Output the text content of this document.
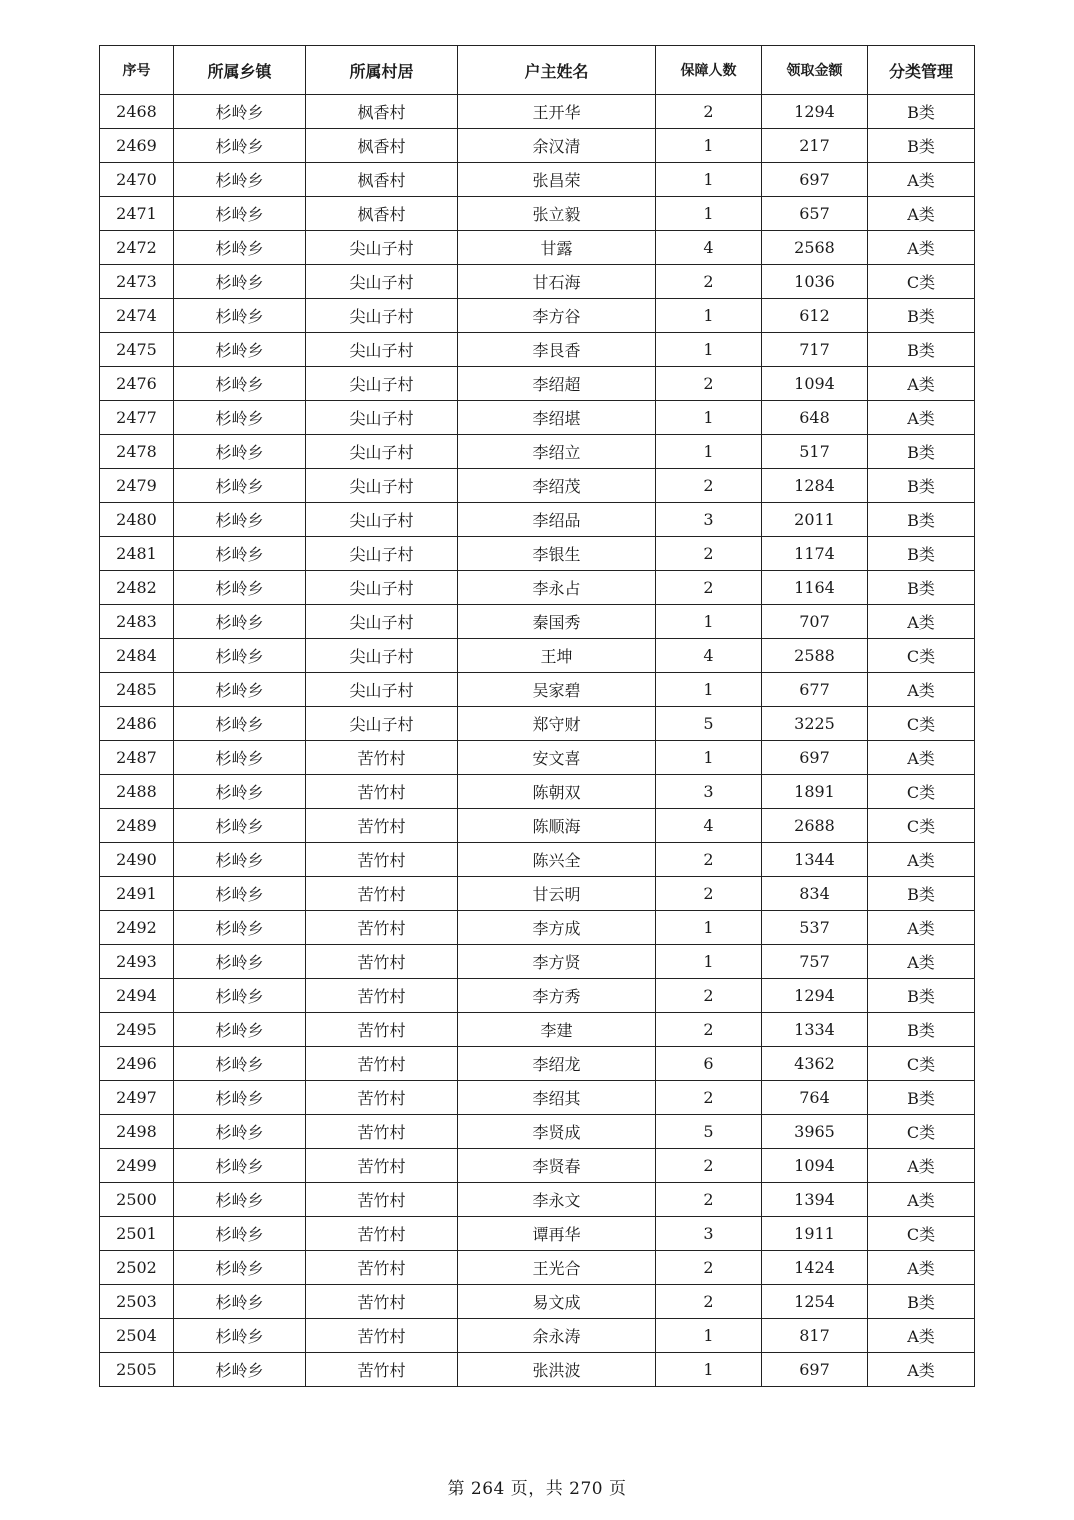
序号	所属乡镇	所属村居	户主姓名	保障人数	领取金额	分类管理
2468	杉岭乡	枫香村	王开华	2	1294	B类
2469	杉岭乡	枫香村	余汉清	1	217	B类
2470	杉岭乡	枫香村	张昌荣	1	697	A类
2471	杉岭乡	枫香村	张立毅	1	657	A类
2472	杉岭乡	尖山子村	甘露	4	2568	A类
2473	杉岭乡	尖山子村	甘石海	2	1036	C类
2474	杉岭乡	尖山子村	李方谷	1	612	B类
2475	杉岭乡	尖山子村	李艮香	1	717	B类
2476	杉岭乡	尖山子村	李绍超	2	1094	A类
2477	杉岭乡	尖山子村	李绍堪	1	648	A类
2478	杉岭乡	尖山子村	李绍立	1	517	B类
2479	杉岭乡	尖山子村	李绍茂	2	1284	B类
2480	杉岭乡	尖山子村	李绍品	3	2011	B类
2481	杉岭乡	尖山子村	李银生	2	1174	B类
2482	杉岭乡	尖山子村	李永占	2	1164	B类
2483	杉岭乡	尖山子村	秦国秀	1	707	A类
2484	杉岭乡	尖山子村	王坤	4	2588	C类
2485	杉岭乡	尖山子村	吴家碧	1	677	A类
2486	杉岭乡	尖山子村	郑守财	5	3225	C类
2487	杉岭乡	苦竹村	安文喜	1	697	A类
2488	杉岭乡	苦竹村	陈朝双	3	1891	C类
2489	杉岭乡	苦竹村	陈顺海	4	2688	C类
2490	杉岭乡	苦竹村	陈兴全	2	1344	A类
2491	杉岭乡	苦竹村	甘云明	2	834	B类
2492	杉岭乡	苦竹村	李方成	1	537	A类
2493	杉岭乡	苦竹村	李方贤	1	757	A类
2494	杉岭乡	苦竹村	李方秀	2	1294	B类
2495	杉岭乡	苦竹村	李建	2	1334	B类
2496	杉岭乡	苦竹村	李绍龙	6	4362	C类
2497	杉岭乡	苦竹村	李绍其	2	764	B类
2498	杉岭乡	苦竹村	李贤成	5	3965	C类
2499	杉岭乡	苦竹村	李贤春	2	1094	A类
2500	杉岭乡	苦竹村	李永文	2	1394	A类
2501	杉岭乡	苦竹村	谭再华	3	1911	C类
2502	杉岭乡	苦竹村	王光合	2	1424	A类
2503	杉岭乡	苦竹村	易文成	2	1254	B类
2504	杉岭乡	苦竹村	余永涛	1	817	A类
2505	杉岭乡	苦竹村	张洪波	1	697	A类
第 264 页，共 270 页
